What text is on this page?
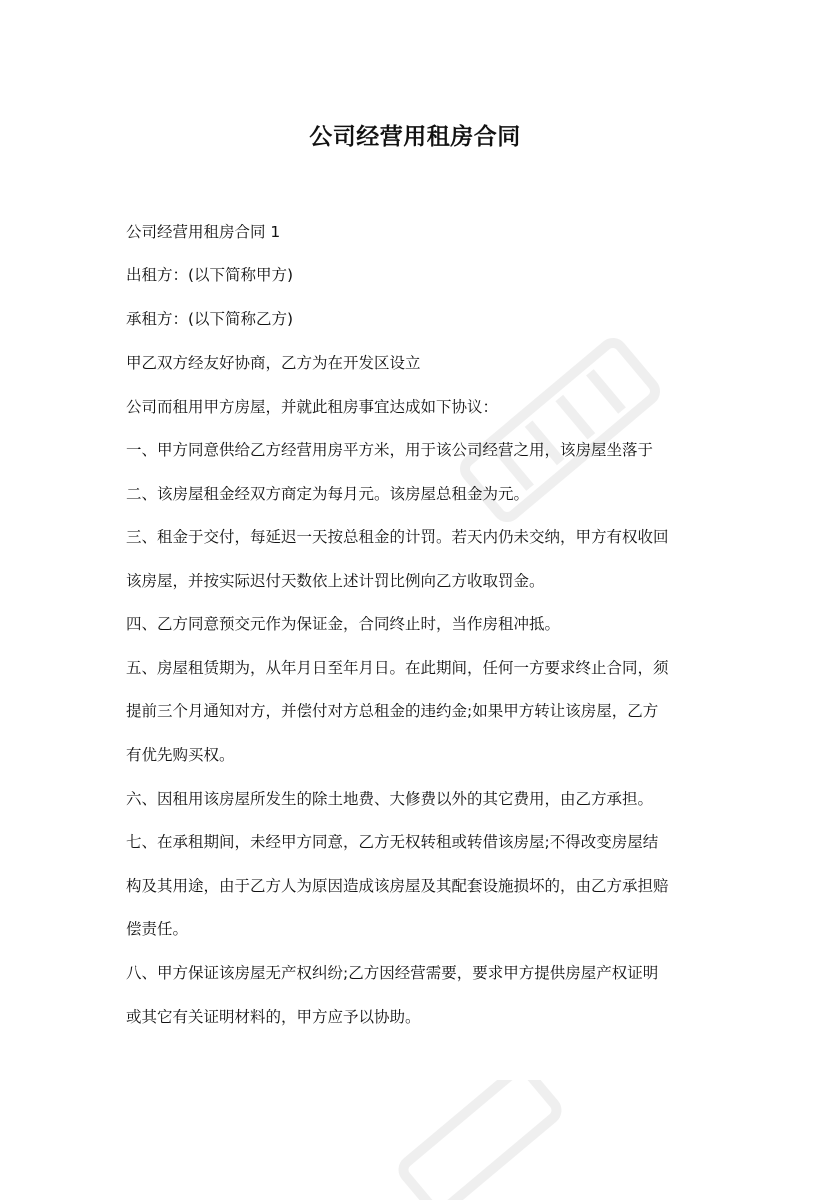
公司经营用租房合同

公司经营用租房合同 1

出租方：(以下简称甲方)

承租方：(以下简称乙方)

甲乙双方经友好协商，乙方为在开发区设立

公司而租用甲方房屋，并就此租房事宜达成如下协议：

一、甲方同意供给乙方经营用房平方米，用于该公司经营之用，该房屋坐落于

二、该房屋租金经双方商定为每月元。该房屋总租金为元。

三、租金于交付，每延迟一天按总租金的计罚。若天内仍未交纳，甲方有权收回

该房屋，并按实际迟付天数依上述计罚比例向乙方收取罚金。

四、乙方同意预交元作为保证金，合同终止时，当作房租冲抵。

五、房屋租赁期为，从年月日至年月日。在此期间，任何一方要求终止合同，须

提前三个月通知对方，并偿付对方总租金的违约金;如果甲方转让该房屋，乙方

有优先购买权。

六、因租用该房屋所发生的除土地费、大修费以外的其它费用，由乙方承担。

七、在承租期间，未经甲方同意，乙方无权转租或转借该房屋;不得改变房屋结

构及其用途，由于乙方人为原因造成该房屋及其配套设施损坏的，由乙方承担赔

偿责任。

八、甲方保证该房屋无产权纠纷;乙方因经营需要，要求甲方提供房屋产权证明

或其它有关证明材料的，甲方应予以协助。
